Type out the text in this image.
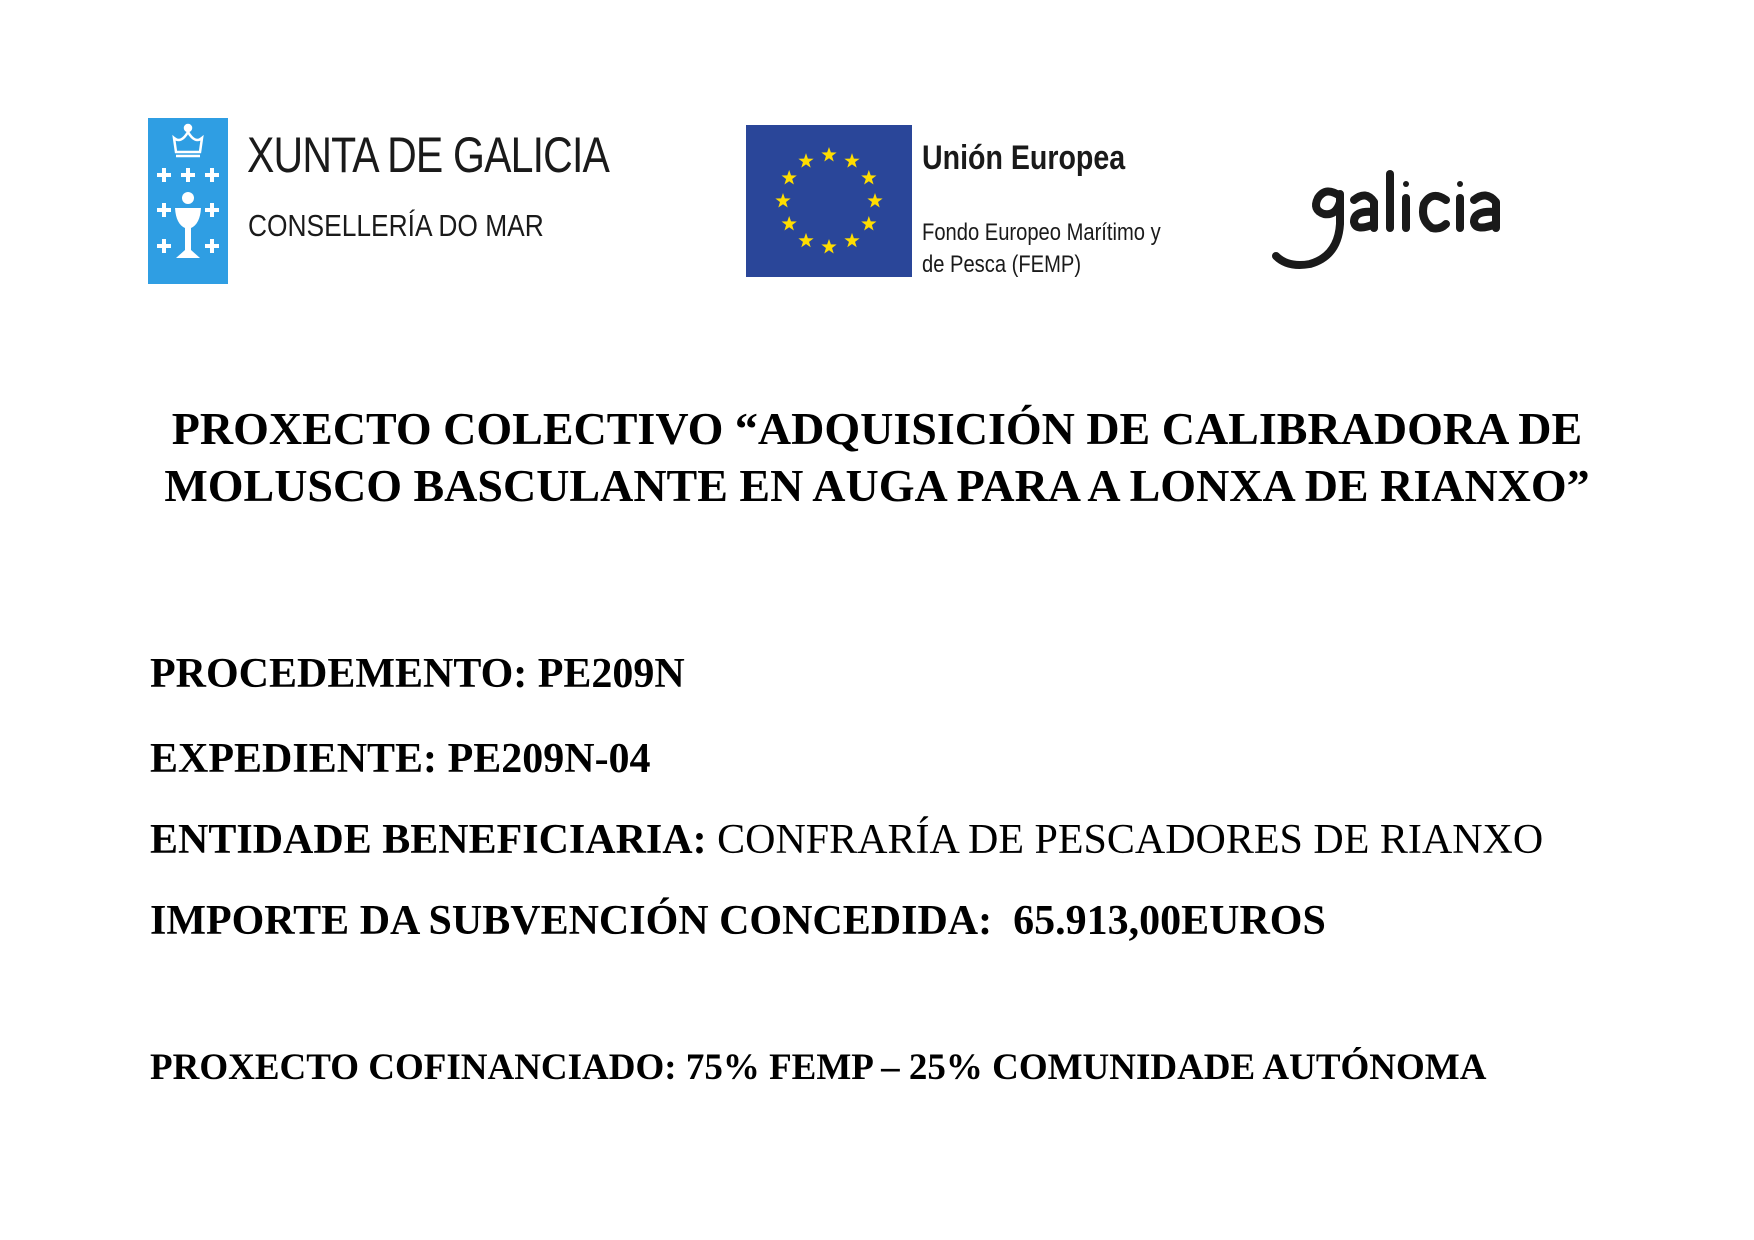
XUNTA DE GALICIA
CONSELLERÍA DO MAR
Unión Europea
Fondo Europeo Marítimo y
de Pesca (FEMP)
PROXECTO COLECTIVO “ADQUISICIÓN DE CALIBRADORA DE MOLUSCO BASCULANTE EN AUGA PARA A LONXA DE RIANXO”

PROCEDEMENTO: PE209N

EXPEDIENTE: PE209N-04

ENTIDADE BENEFICIARIA: CONFRARÍA DE PESCADORES DE RIANXO

IMPORTE DA SUBVENCIÓN CONCEDIDA: 65.913,00EUROS

PROXECTO COFINANCIADO: 75% FEMP – 25% COMUNIDADE AUTÓNOMA
